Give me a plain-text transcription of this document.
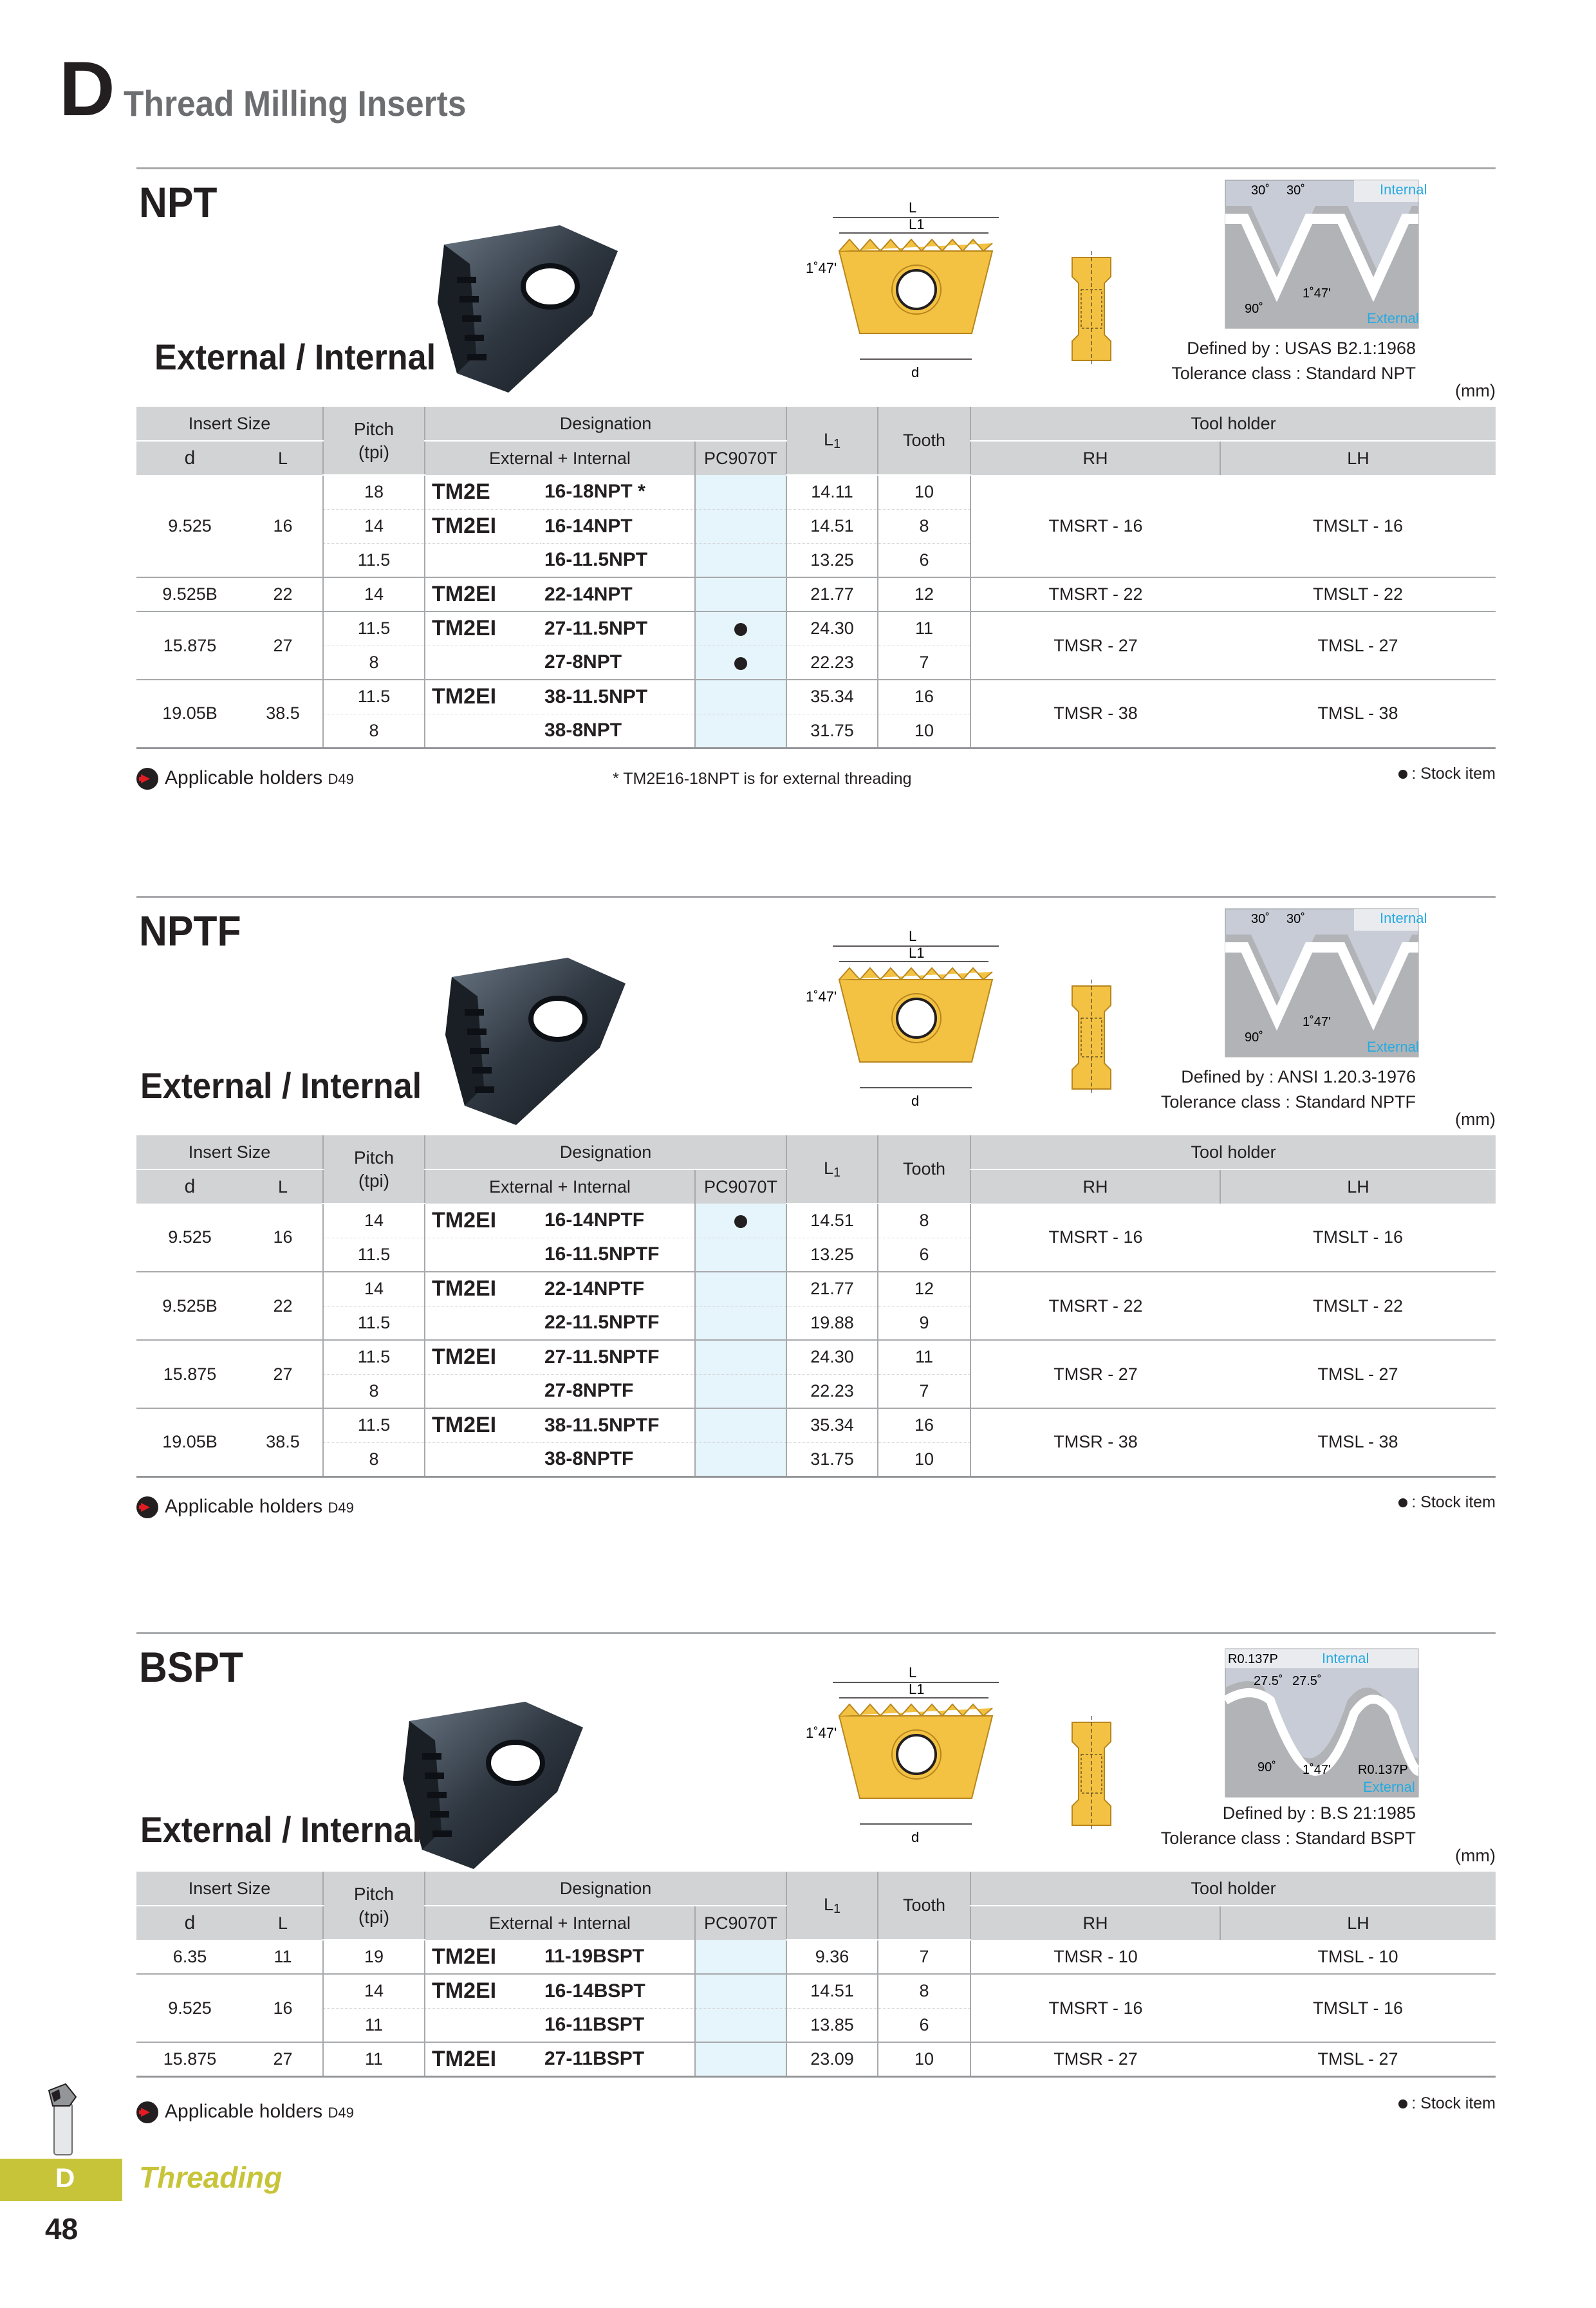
D Thread Milling Inserts
NPT
External / Internal
L
L1
d
1˚47'
Internal
30˚ 30˚
1˚47'
90˚
External
Defined by : USAS B2.1:1968
Tolerance class : Standard NPT
(mm)
Insert Size		Pitch
(tpi)	Designation			$L_1$	Tooth	Tool holder	
d	L		External + Internal		PC9070T			RH	LH
9.525	16	18	TM2E	16-18NPT *		14.11	10	TMSRT - 16	TMSLT - 16
		14	TM2EI	16-14NPT		14.51	8		
		11.5		16-11.5NPT		13.25	6		
9.525B	22	14	TM2EI	22-14NPT		21.77	12	TMSRT - 22	TMSLT - 22
15.875	27	11.5	TM2EI	27-11.5NPT		24.30	11	TMSR - 27	TMSL - 27
		8		27-8NPT		22.23	7		
19.05B	38.5	11.5	TM2EI	38-11.5NPT		35.34	16	TMSR - 38	TMSL - 38
		8		38-8NPT		31.75	10		
Applicable holders D49	* TM2E16-18NPT is for external threading	: Stock item
NPTF
External / Internal
L
L1
d
1˚47'
Internal
30˚ 30˚
1˚47'
90˚
External
Defined by : ANSI 1.20.3-1976
Tolerance class : Standard NPTF
(mm)
Insert Size		Pitch
(tpi)	Designation			$L_1$	Tooth	Tool holder	
d	L		External + Internal		PC9070T			RH	LH
9.525	16	14	TM2EI	16-14NPTF		14.51	8	TMSRT - 16	TMSLT - 16
		11.5		16-11.5NPTF		13.25	6		
9.525B	22	14	TM2EI	22-14NPTF		21.77	12	TMSRT - 22	TMSLT - 22
		11.5		22-11.5NPTF		19.88	9		
15.875	27	11.5	TM2EI	27-11.5NPTF		24.30	11	TMSR - 27	TMSL - 27
		8		27-8NPTF		22.23	7		
19.05B	38.5	11.5	TM2EI	38-11.5NPTF		35.34	16	TMSR - 38	TMSL - 38
		8		38-8NPTF		31.75	10		
Applicable holders D49	: Stock item
BSPT
External / Internal
L
L1
d
1˚47'
R0.137P	Internal
27.5˚ 27.5˚
90˚ 1˚47' R0.137P
External
Defined by : B.S 21:1985
Tolerance class : Standard BSPT
(mm)
Insert Size		Pitch
(tpi)	Designation			$L_1$	Tooth	Tool holder	
d	L		External + Internal		PC9070T			RH	LH
6.35	11	19	TM2EI	11-19BSPT		9.36	7	TMSR - 10	TMSL - 10
9.525	16	14	TM2EI	16-14BSPT		14.51	8	TMSRT - 16	TMSLT - 16
		11		16-11BSPT		13.85	6		
15.875	27	11	TM2EI	27-11BSPT		23.09	10	TMSR - 27	TMSL - 27
Applicable holders D49
: Stock item
D Threading
48
